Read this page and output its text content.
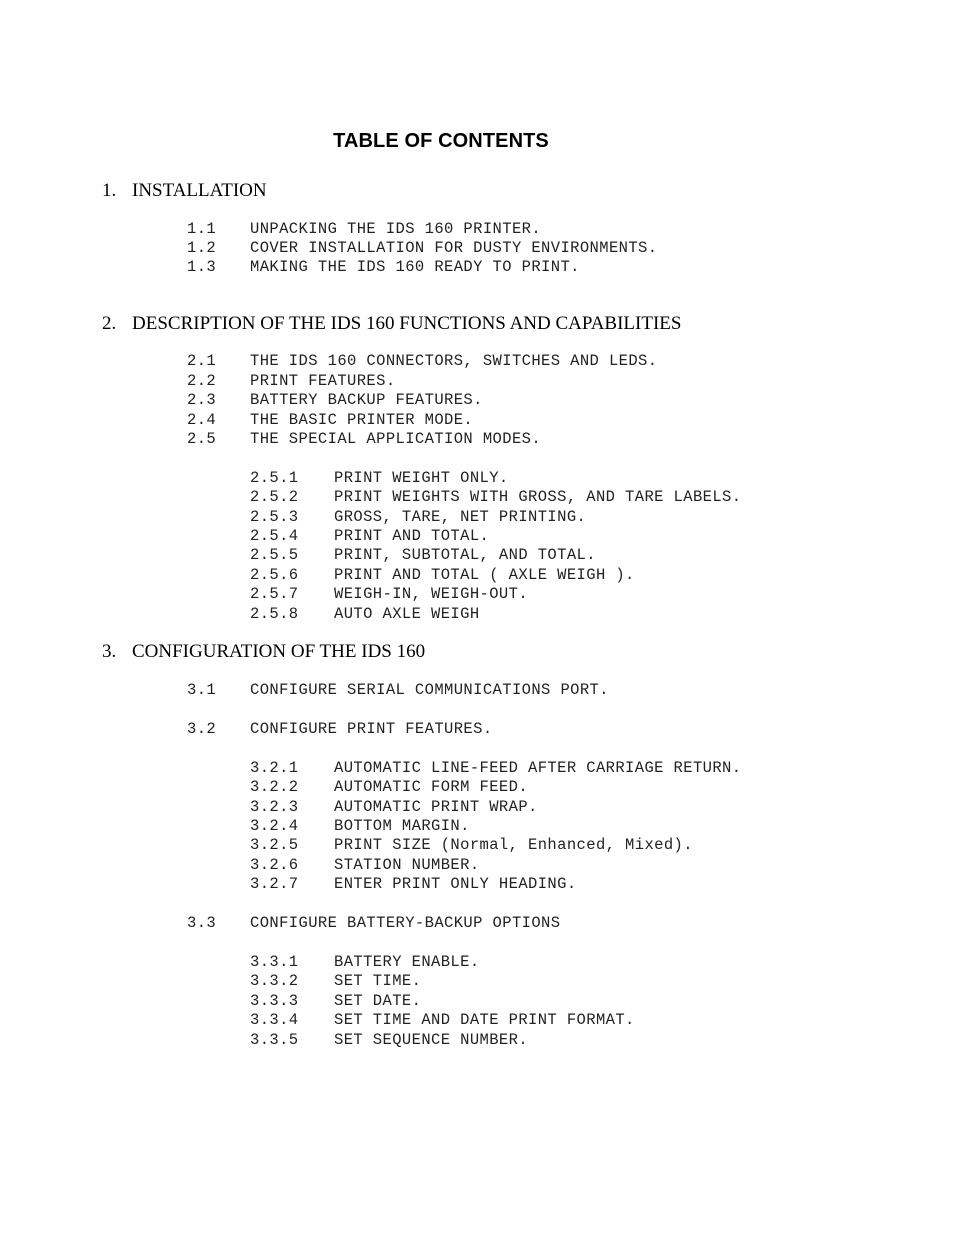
TABLE OF CONTENTS
1. INSTALLATION
1.1 UNPACKING THE IDS 160 PRINTER.
1.2 COVER INSTALLATION FOR DUSTY ENVIRONMENTS.
1.3 MAKING THE IDS 160 READY TO PRINT.
2. DESCRIPTION OF THE IDS 160 FUNCTIONS AND CAPABILITIES
2.1 THE IDS 160 CONNECTORS, SWITCHES AND LEDS.
2.2 PRINT FEATURES.
2.3 BATTERY BACKUP FEATURES.
2.4 THE BASIC PRINTER MODE.
2.5 THE SPECIAL APPLICATION MODES.
2.5.1 PRINT WEIGHT ONLY.
2.5.2 PRINT WEIGHTS WITH GROSS, AND TARE LABELS.
2.5.3 GROSS, TARE, NET PRINTING.
2.5.4 PRINT AND TOTAL.
2.5.5 PRINT, SUBTOTAL, AND TOTAL.
2.5.6 PRINT AND TOTAL ( AXLE WEIGH ).
2.5.7 WEIGH-IN, WEIGH-OUT.
2.5.8 AUTO AXLE WEIGH
3. CONFIGURATION OF THE IDS 160
3.1 CONFIGURE SERIAL COMMUNICATIONS PORT.
3.2 CONFIGURE PRINT FEATURES.
3.2.1 AUTOMATIC LINE-FEED AFTER CARRIAGE RETURN.
3.2.2 AUTOMATIC FORM FEED.
3.2.3 AUTOMATIC PRINT WRAP.
3.2.4 BOTTOM MARGIN.
3.2.5 PRINT SIZE (Normal, Enhanced, Mixed).
3.2.6 STATION NUMBER.
3.2.7 ENTER PRINT ONLY HEADING.
3.3 CONFIGURE BATTERY-BACKUP OPTIONS
3.3.1 BATTERY ENABLE.
3.3.2 SET TIME.
3.3.3 SET DATE.
3.3.4 SET TIME AND DATE PRINT FORMAT.
3.3.5 SET SEQUENCE NUMBER.
